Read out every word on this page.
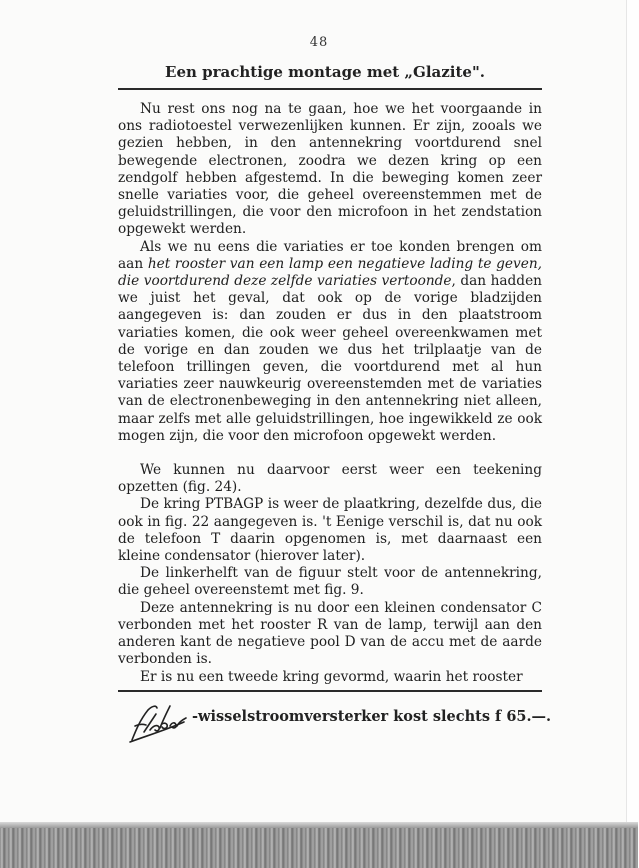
48
Een prachtige montage met „Glazite".

Nu rest ons nog na te gaan, hoe we het voorgaande in ons radiotoestel verwezenlijken kunnen. Er zijn, zooals we gezien hebben, in den antennekring voortdurend snel bewegende electronen, zoodra we dezen kring op een zendgolf hebben afgestemd. In die beweging komen zeer snelle variaties voor, die geheel overeenstemmen met de geluidstrillingen, die voor den microfoon in het zendstation opgewekt werden.

Als we nu eens die variaties er toe konden brengen om aan het rooster van een lamp een negatieve lading te geven, die voortdurend deze zelfde variaties vertoonde, dan hadden we juist het geval, dat ook op de vorige bladzijden aangegeven is: dan zouden er dus in den plaatstroom variaties komen, die ook weer geheel overeenkwamen met de vorige en dan zouden we dus het trilplaatje van de telefoon trillingen geven, die voortdurend met al hun variaties zeer nauwkeurig overeenstemden met de variaties van de electronenbeweging in den antennekring niet alleen, maar zelfs met alle geluidstrillingen, hoe ingewikkeld ze ook mogen zijn, die voor den microfoon opgewekt werden.

We kunnen nu daarvoor eerst weer een teekening opzetten (fig. 24).

De kring PTBAGP is weer de plaatkring, dezelfde dus, die ook in fig. 22 aangegeven is. 't Eenige verschil is, dat nu ook de telefoon T daarin opgenomen is, met daarnaast een kleine condensator (hierover later).

De linkerhelft van de figuur stelt voor de antennekring, die geheel overeenstemt met fig. 9.

Deze antennekring is nu door een kleinen condensator C verbonden met het rooster R van de lamp, terwijl aan den anderen kant de negatieve pool D van de accu met de aarde verbonden is.

Er is nu een tweede kring gevormd, waarin het rooster

-wisselstroomversterker kost slechts f 65.—.
